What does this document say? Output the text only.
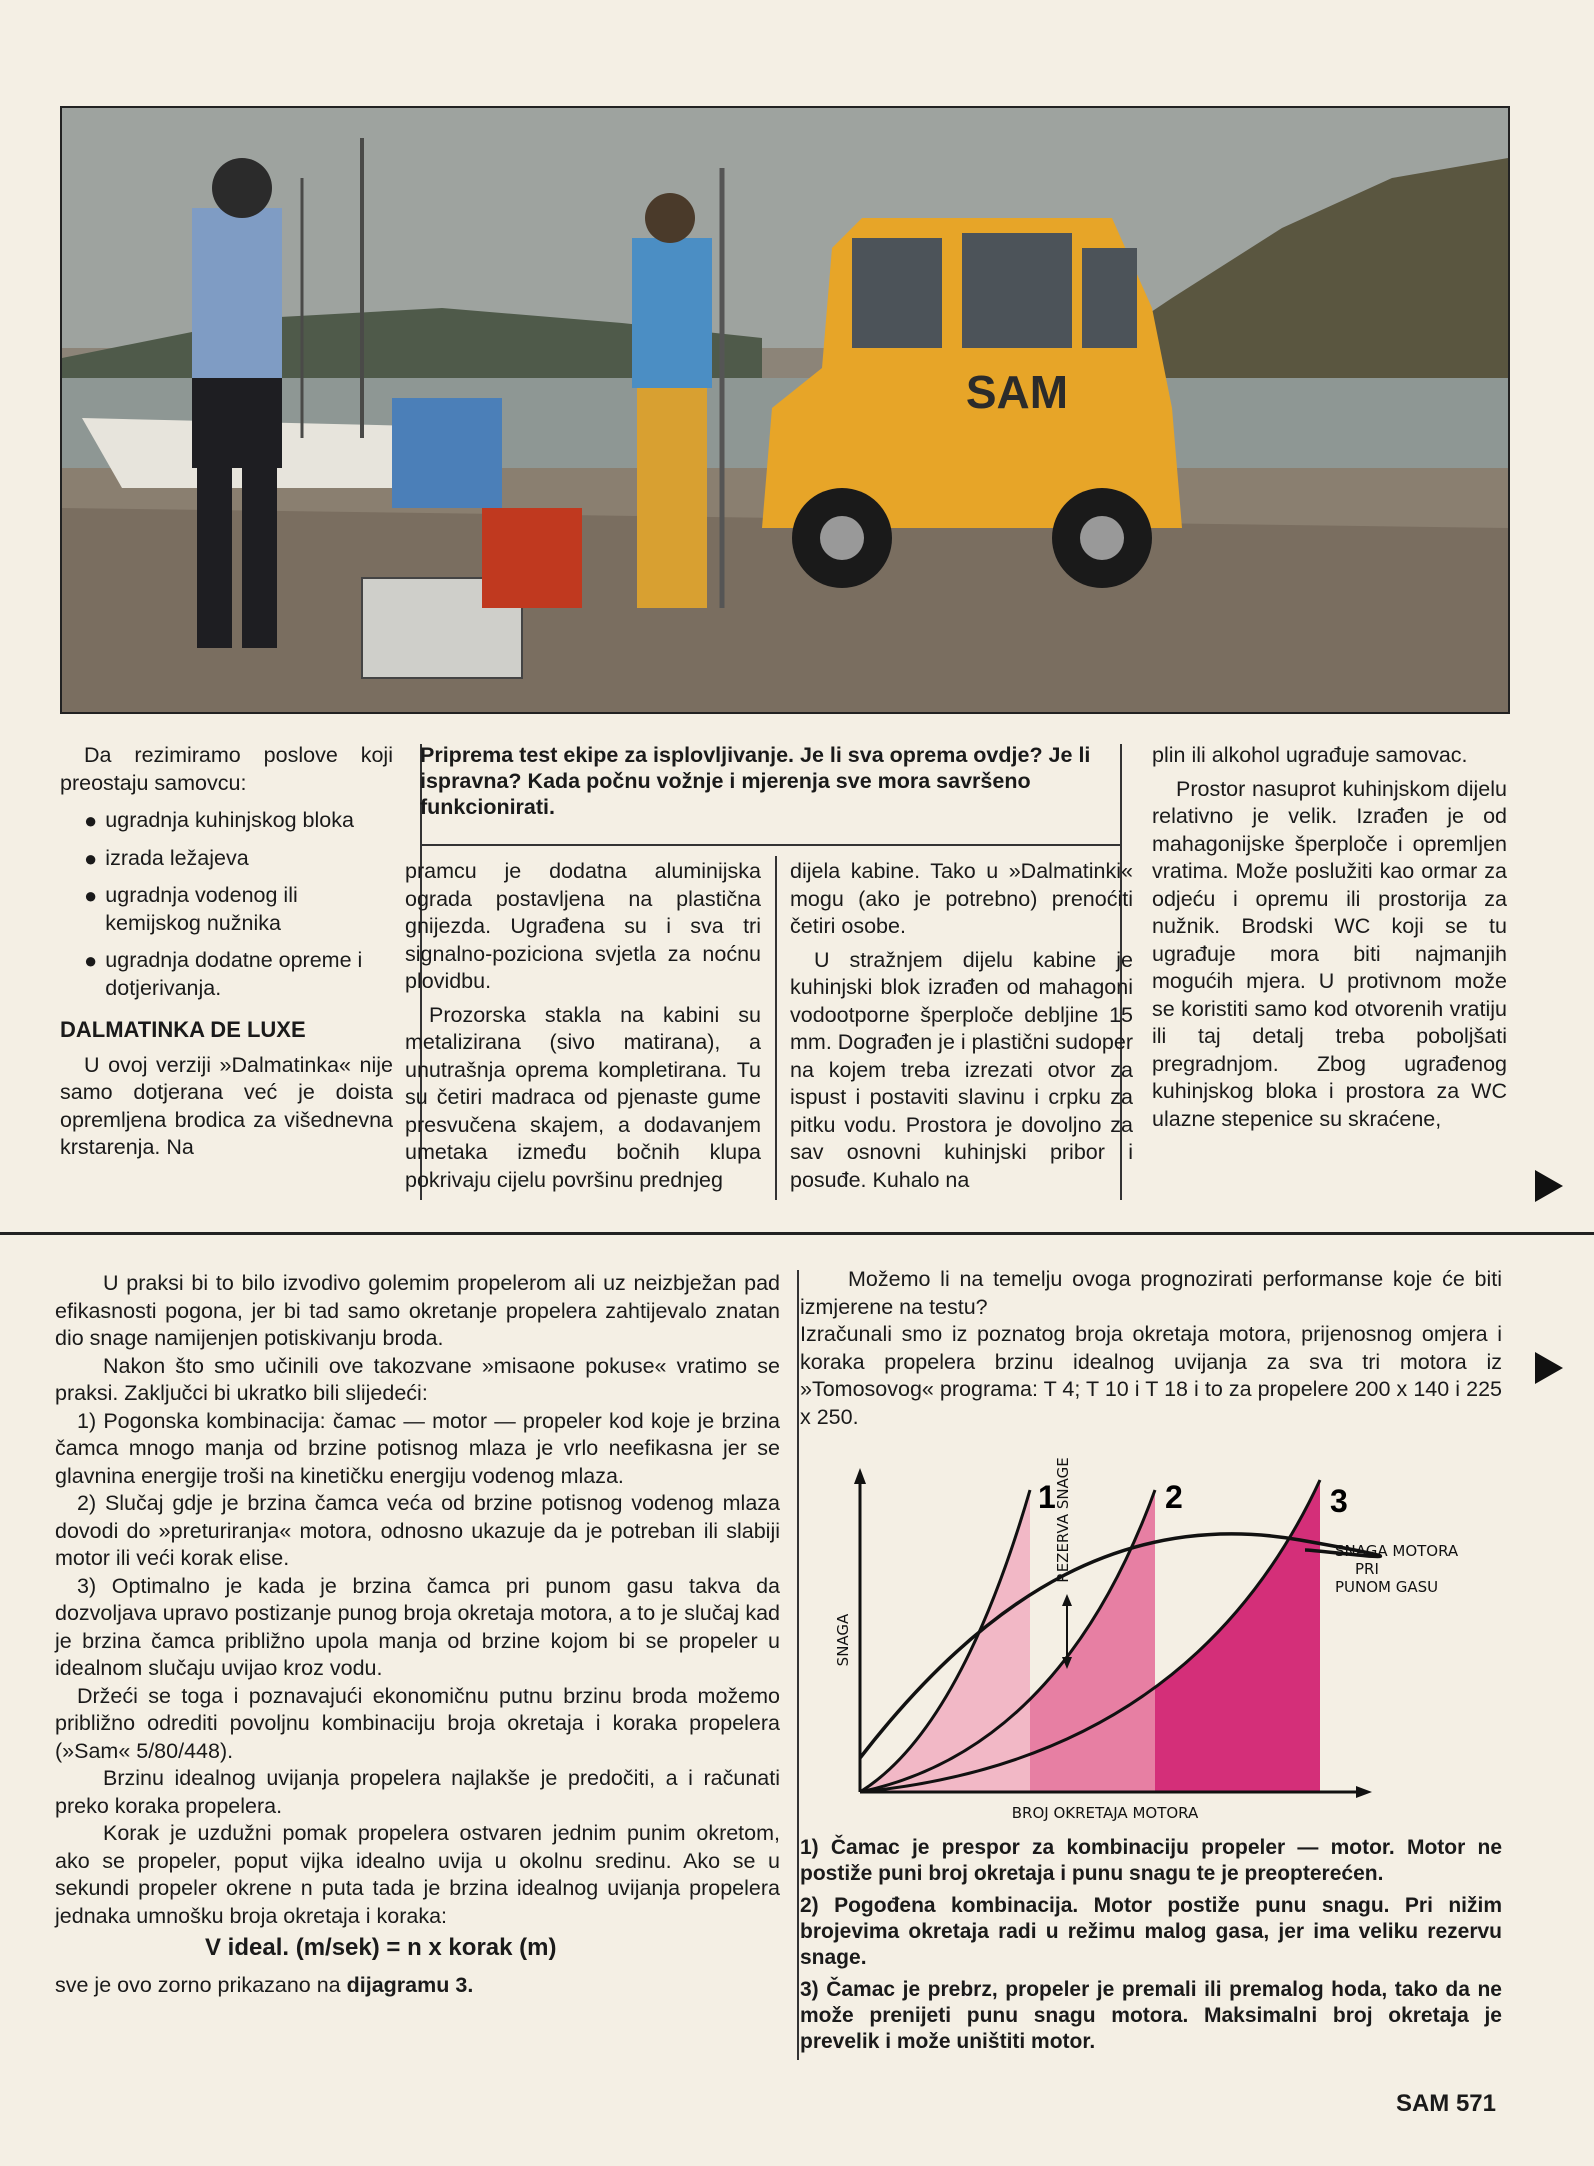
SAM
Priprema test ekipe za isplovljivanje. Je li sva oprema ovdje? Je li ispravna? Kada počnu vožnje i mjerenja sve mora savršeno funkcionirati.

Da rezimiramo poslove koji preostaju samovcu:

● ugradnja kuhinjskog bloka
● izrada ležajeva
● ugradnja vodenog ili kemijskog nužnika
● ugradnja dodatne opreme i dotjerivanja.
DALMATINKA DE LUXE

U ovoj verziji »Dalmatinka« nije samo dotjerana već je doista opremljena brodica za višednevna krstarenja. Na

pramcu je dodatna aluminijska ograda postavljena na plastična gnijezda. Ugrađena su i sva tri signalno-poziciona svjetla za noćnu plovidbu.

Prozorska stakla na kabini su metalizirana (sivo matirana), a unutrašnja oprema kompletirana. Tu su četiri madraca od pjenaste gume presvučena skajem, a dodavanjem umetaka između bočnih klupa pokrivaju cijelu površinu prednjeg

dijela kabine. Tako u »Dalmatinki« mogu (ako je potrebno) prenoćiti četiri osobe.

U stražnjem dijelu kabine je kuhinjski blok izrađen od mahagoni vodootporne šperploče debljine 15 mm. Dograđen je i plastični sudoper na kojem treba izrezati otvor za ispust i postaviti slavinu i crpku za pitku vodu. Prostora je dovoljno za sav osnovni kuhinjski pribor i posuđe. Kuhalo na

plin ili alkohol ugrađuje samovac.

Prostor nasuprot kuhinjskom dijelu relativno je velik. Izrađen je od mahagonijske šperploče i opremljen vratima. Može poslužiti kao ormar za odjeću i opremu ili prostorija za nužnik. Brodski WC koji se tu ugrađuje mora biti najmanjih mogućih mjera. U protivnom može se koristiti samo kod otvorenih vratiju ili taj detalj treba poboljšati pregradnjom. Zbog ugrađenog kuhinjskog bloka i prostora za WC ulazne stepenice su skraćene,

U praksi bi to bilo izvodivo golemim propelerom ali uz neizbježan pad efikasnosti pogona, jer bi tad samo okretanje propelera zahtijevalo znatan dio snage namijenjen potiskivanju broda.

Nakon što smo učinili ove takozvane »misaone pokuse« vratimo se praksi. Zaključci bi ukratko bili slijedeći:

1) Pogonska kombinacija: čamac — motor — propeler kod koje je brzina čamca mnogo manja od brzine potisnog mlaza je vrlo neefikasna jer se glavnina energije troši na kinetičku energiju vodenog mlaza.

2) Slučaj gdje je brzina čamca veća od brzine potisnog vodenog mlaza dovodi do »preturiranja« motora, odnosno ukazuje da je potreban ili slabiji motor ili veći korak elise.

3) Optimalno je kada je brzina čamca pri punom gasu takva da dozvoljava upravo postizanje punog broja okretaja motora, a to je slučaj kad je brzina čamca približno upola manja od brzine kojom bi se propeler u idealnom slučaju uvijao kroz vodu.

Držeći se toga i poznavajući ekonomičnu putnu brzinu broda možemo približno odrediti povoljnu kombinaciju broja okretaja i koraka propelera (»Sam« 5/80/448).

Brzinu idealnog uvijanja propelera najlakše je predočiti, a i računati preko koraka propelera.

Korak je uzdužni pomak propelera ostvaren jednim punim okretom, ako se propeler, poput vijka idealno uvija u okolnu sredinu. Ako se u sekundi propeler okrene n puta tada je brzina idealnog uvijanja propelera jednaka umnošku broja okretaja i koraka:

V ideal. (m/sek) = n x korak (m)

sve je ovo zorno prikazano na dijagramu 3.

Možemo li na temelju ovoga prognozirati performanse koje će biti izmjerene na testu?

Izračunali smo iz poznatog broja okretaja motora, prijenosnog omjera i koraka propelera brzinu idealnog uvijanja za sva tri motora iz »Tomosovog« programa: T 4; T 10 i T 18 i to za propelere 200 x 140 i 225 x 250.

SNAGA
BROJ OKRETAJA MOTORA
REZERVA SNAGE
1	2	3
SNAGA MOTORA
PRI
PUNOM GASU

1) Čamac je prespor za kombinaciju propeler — motor. Motor ne postiže puni broj okretaja i punu snagu te je preopterećen.

2) Pogođena kombinacija. Motor postiže punu snagu. Pri nižim brojevima okretaja radi u režimu malog gasa, jer ima veliku rezervu snage.

3) Čamac je prebrz, propeler je premali ili premalog hoda, tako da ne može prenijeti punu snagu motora. Maksimalni broj okretaja je prevelik i može uništiti motor.

SAM 571
